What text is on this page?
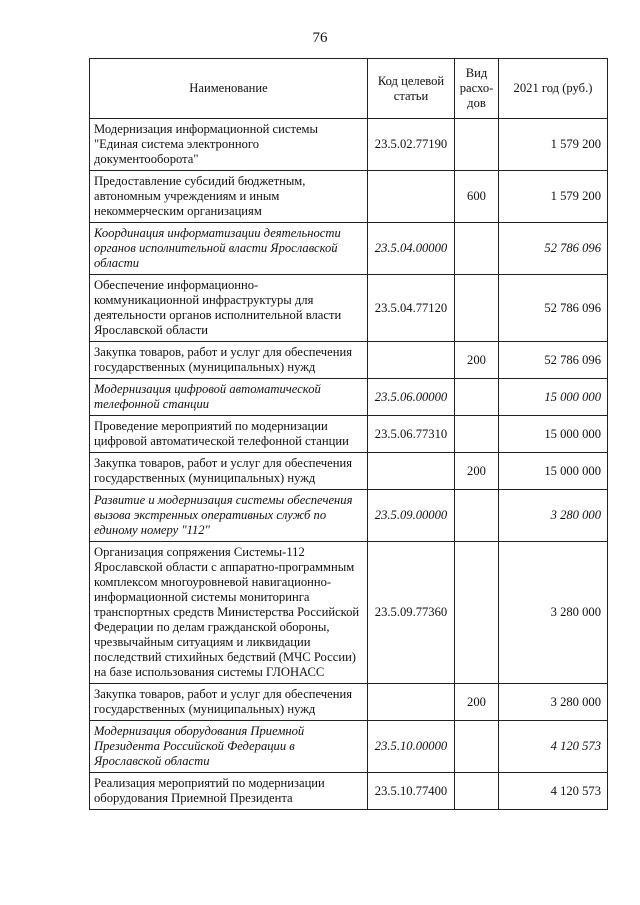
76
Наименование	Код целевой статьи	Вид расхо-дов	2021 год (руб.)
Модернизация информационной системы "Единая система электронного документооборота"	23.5.02.77190		1 579 200
Предоставление субсидий бюджетным, автономным учреждениям и иным некоммерческим организациям		600	1 579 200
Координация информатизации деятельности органов исполнительной власти Ярославской области	23.5.04.00000		52 786 096
Обеспечение информационно-коммуникационной инфраструктуры для деятельности органов исполнительной власти Ярославской области	23.5.04.77120		52 786 096
Закупка товаров, работ и услуг для обеспечения государственных (муниципальных) нужд		200	52 786 096
Модернизация цифровой автоматической телефонной станции	23.5.06.00000		15 000 000
Проведение мероприятий по модернизации цифровой автоматической телефонной станции	23.5.06.77310		15 000 000
Закупка товаров, работ и услуг для обеспечения государственных (муниципальных) нужд		200	15 000 000
Развитие и модернизация системы обеспечения вызова экстренных оперативных служб по единому номеру "112"	23.5.09.00000		3 280 000
Организация сопряжения Системы-112 Ярославской области с аппаратно-программным комплексом многоуровневой навигационно-информационной системы мониторинга транспортных средств Министерства Российской Федерации по делам гражданской обороны, чрезвычайным ситуациям и ликвидации последствий стихийных бедствий (МЧС России) на базе использования системы ГЛОНАСС	23.5.09.77360		3 280 000
Закупка товаров, работ и услуг для обеспечения государственных (муниципальных) нужд		200	3 280 000
Модернизация оборудования Приемной Президента Российской Федерации в Ярославской области	23.5.10.00000		4 120 573
Реализация мероприятий по модернизации оборудования Приемной Президента	23.5.10.77400		4 120 573
